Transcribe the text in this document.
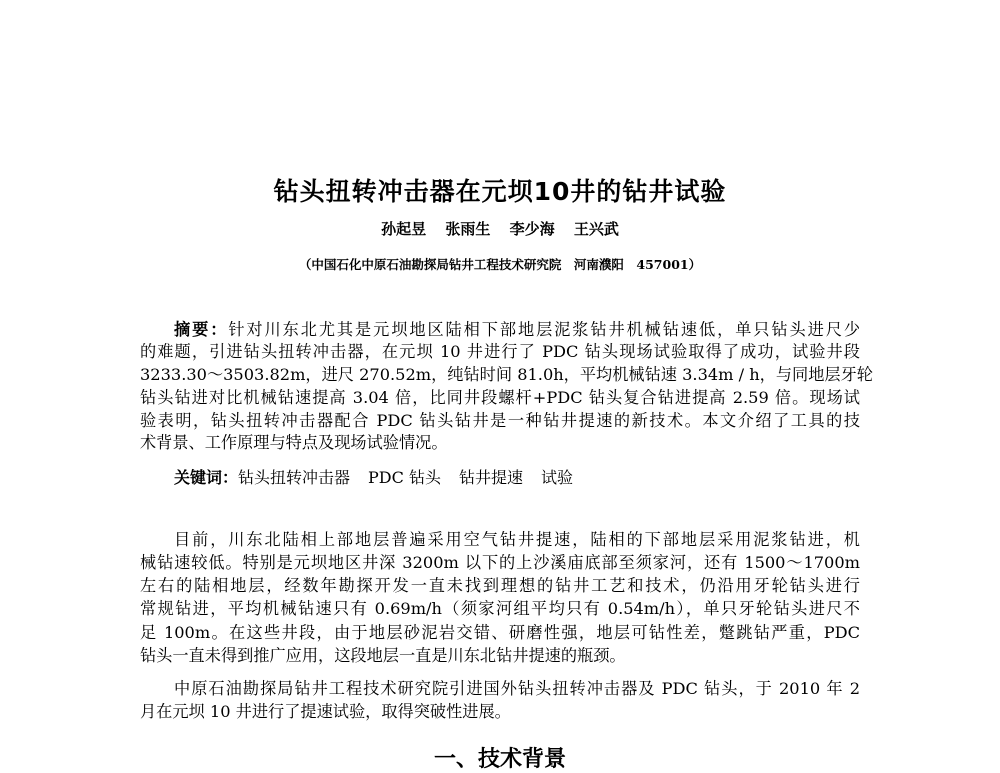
钻头扭转冲击器在元坝10井的钻井试验
孙起昱 张雨生 李少海 王兴武
（中国石化中原石油勘探局钻井工程技术研究院　河南濮阳　457001）
摘要：针对川东北尤其是元坝地区陆相下部地层泥浆钻井机械钻速低，单只钻头进尺少
的难题，引进钻头扭转冲击器，在元坝 10 井进行了 PDC 钻头现场试验取得了成功，试验井段
3233.30～3503.82m，进尺 270.52m，纯钻时间 81.0h，平均机械钻速 3.34m / h，与同地层牙轮
钻头钻进对比机械钻速提高 3.04 倍，比同井段螺杆+PDC 钻头复合钻进提高 2.59 倍。现场试
验表明，钻头扭转冲击器配合 PDC 钻头钻井是一种钻井提速的新技术。本文介绍了工具的技
术背景、工作原理与特点及现场试验情况。
关键词：钻头扭转冲击器 PDC 钻头 钻井提速 试验
目前，川东北陆相上部地层普遍采用空气钻井提速，陆相的下部地层采用泥浆钻进，机
械钻速较低。特别是元坝地区井深 3200m 以下的上沙溪庙底部至须家河，还有 1500～1700m
左右的陆相地层，经数年勘探开发一直未找到理想的钻井工艺和技术，仍沿用牙轮钻头进行
常规钻进，平均机械钻速只有 0.69m/h（须家河组平均只有 0.54m/h），单只牙轮钻头进尺不
足 100m。在这些井段，由于地层砂泥岩交错、研磨性强，地层可钻性差，蹩跳钻严重，PDC
钻头一直未得到推广应用，这段地层一直是川东北钻井提速的瓶颈。
中原石油勘探局钻井工程技术研究院引进国外钻头扭转冲击器及 PDC 钻头，于 2010 年 2
月在元坝 10 井进行了提速试验，取得突破性进展。
一、技术背景
